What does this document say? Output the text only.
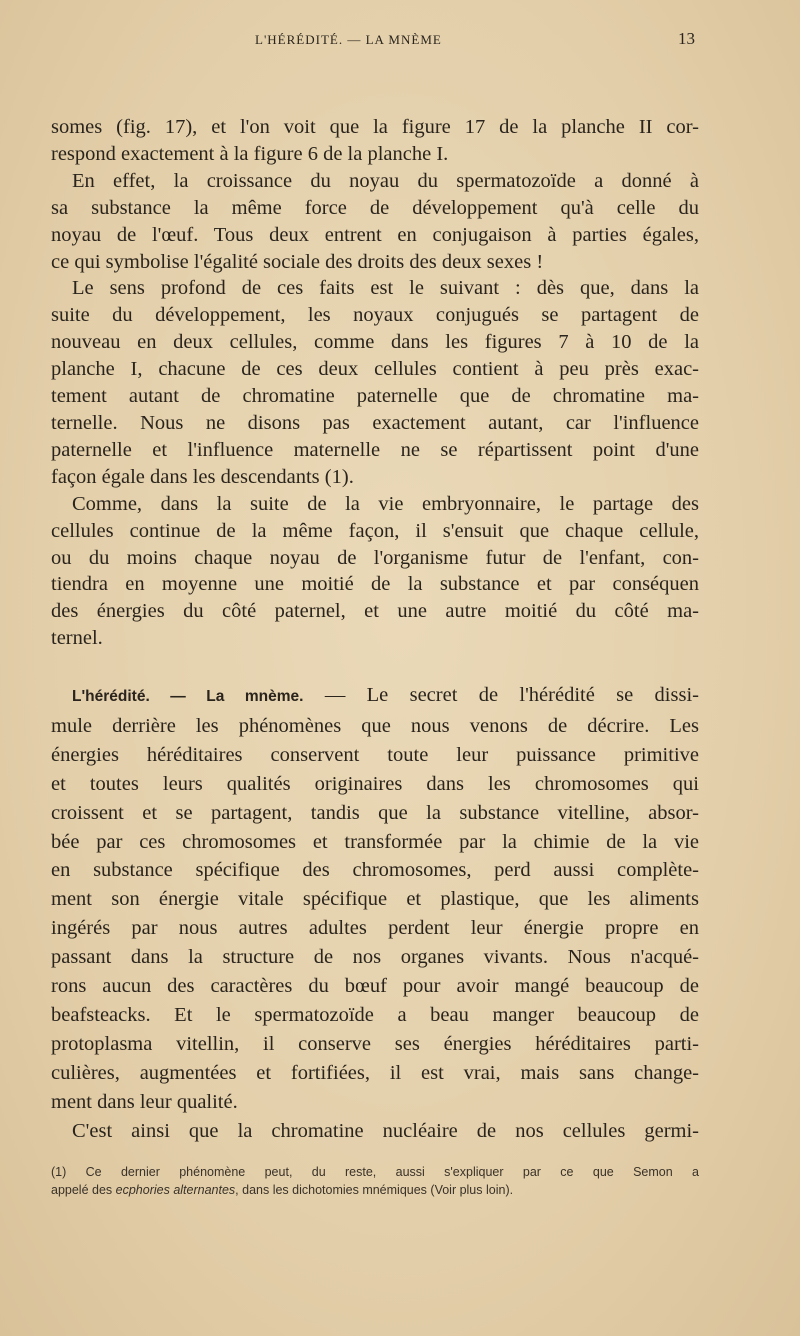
L'HÉRÉDITÉ. — LA MNÈME	13
somes (fig. 17), et l'on voit que la figure 17 de la planche II cor-
respond exactement à la figure 6 de la planche I.
En effet, la croissance du noyau du spermatozoïde a donné à
sa substance la même force de développement qu'à celle du
noyau de l'œuf. Tous deux entrent en conjugaison à parties égales,
ce qui symbolise l'égalité sociale des droits des deux sexes !
Le sens profond de ces faits est le suivant : dès que, dans la
suite du développement, les noyaux conjugués se partagent de
nouveau en deux cellules, comme dans les figures 7 à 10 de la
planche I, chacune de ces deux cellules contient à peu près exac-
tement autant de chromatine paternelle que de chromatine ma-
ternelle. Nous ne disons pas exactement autant, car l'influence
paternelle et l'influence maternelle ne se répartissent point d'une
façon égale dans les descendants (1).
Comme, dans la suite de la vie embryonnaire, le partage des
cellules continue de la même façon, il s'ensuit que chaque cellule,
ou du moins chaque noyau de l'organisme futur de l'enfant, con-
tiendra en moyenne une moitié de la substance et par conséquen
des énergies du côté paternel, et une autre moitié du côté ma-
ternel.
L'hérédité. — La mnème. — Le secret de l'hérédité se dissi-
mule derrière les phénomènes que nous venons de décrire. Les
énergies héréditaires conservent toute leur puissance primitive
et toutes leurs qualités originaires dans les chromosomes qui
croissent et se partagent, tandis que la substance vitelline, absor-
bée par ces chromosomes et transformée par la chimie de la vie
en substance spécifique des chromosomes, perd aussi complète-
ment son énergie vitale spécifique et plastique, que les aliments
ingérés par nous autres adultes perdent leur énergie propre en
passant dans la structure de nos organes vivants. Nous n'acqué-
rons aucun des caractères du bœuf pour avoir mangé beaucoup de
beafsteacks. Et le spermatozoïde a beau manger beaucoup de
protoplasma vitellin, il conserve ses énergies héréditaires parti-
culières, augmentées et fortifiées, il est vrai, mais sans change-
ment dans leur qualité.
C'est ainsi que la chromatine nucléaire de nos cellules germi-
(1) Ce dernier phénomène peut, du reste, aussi s'expliquer par ce que Semon a
appelé des ecphories alternantes, dans les dichotomies mnémiques (Voir plus loin).
